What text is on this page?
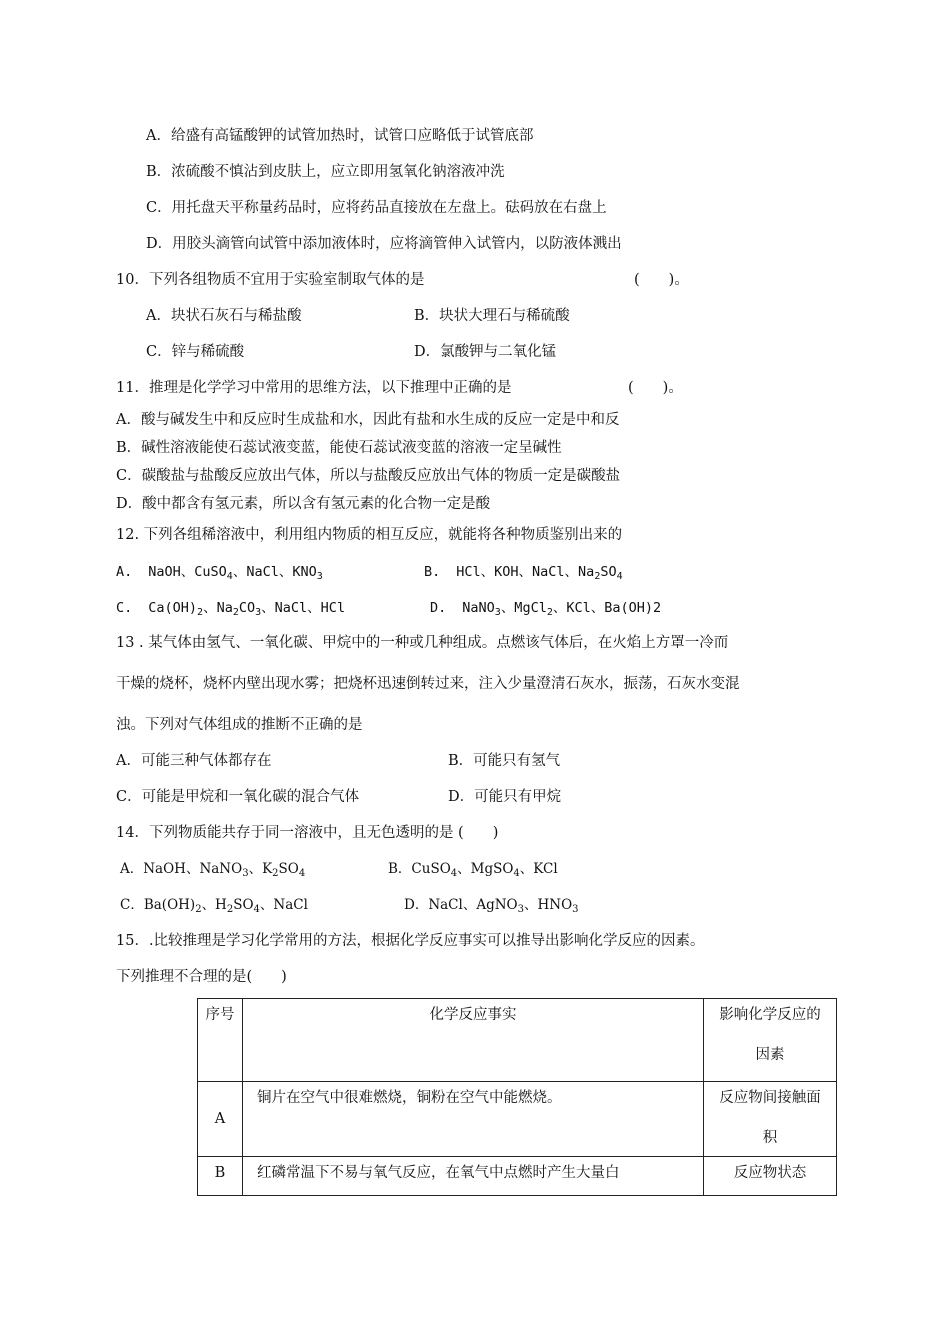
A．给盛有高锰酸钾的试管加热时，试管口应略低于试管底部
B．浓硫酸不慎沾到皮肤上，应立即用氢氧化钠溶液冲洗
C．用托盘天平称量药品时，应将药品直接放在左盘上。砝码放在右盘上
D．用胶头滴管向试管中添加液体时，应将滴管伸入试管内，以防液体溅出
10．下列各组物质不宜用于实验室制取气体的是	(　　)。
A．块状石灰石与稀盐酸	B．块状大理石与稀硫酸
C．锌与稀硫酸	D．氯酸钾与二氧化锰
11．推理是化学学习中常用的思维方法，以下推理中正确的是	(　　)。
A．酸与碱发生中和反应时生成盐和水，因此有盐和水生成的反应一定是中和反
B．碱性溶液能使石蕊试液变蓝，能使石蕊试液变蓝的溶液一定呈碱性
C．碳酸盐与盐酸反应放出气体，所以与盐酸反应放出气体的物质一定是碳酸盐
D．酸中都含有氢元素，所以含有氢元素的化合物一定是酸
12. 下列各组稀溶液中，利用组内物质的相互反应，就能将各种物质鉴别出来的
A. NaOH、CuSO$_4$、NaCl、$KNO_3$	B. HCl、KOH、NaCl、$Na_2SO_4$
C. $Ca(OH)_2$、$Na_2CO_3$、NaCl、HCl	D. NaNO$_3$、MgCl$_2$、KCl、Ba(OH)2
13 . 某气体由氢气、一氧化碳、甲烷中的一种或几种组成。点燃该气体后，在火焰上方罩一冷而
干燥的烧杯，烧杯内壁出现水雾；把烧杯迅速倒转过来，注入少量澄清石灰水，振荡，石灰水变混
浊。下列对气体组成的推断不正确的是
A．可能三种气体都存在	B．可能只有氢气
C．可能是甲烷和一氧化碳的混合气体	D．可能只有甲烷
14．下列物质能共存于同一溶液中，且无色透明的是 (　　)
A．NaOH、NaNO$_3$、$K_2SO_4$	B．CuSO$_4$、MgSO$_4$、KCl
C．$Ba(OH)_2$、$H_2SO_4$、NaCl	D．NaCl、AgNO$_3$、$HNO_3$
15．.比较推理是学习化学常用的方法，根据化学反应事实可以推导出影响化学反应的因素。
下列推理不合理的是(　　)
序号	化学反应事实	影响化学反应的
因素

A	铜片在空气中很难燃烧，铜粉在空气中能燃烧。	反应物间接触面
积

B	红磷常温下不易与氧气反应，在氧气中点燃时产生大量白	反应物状态
